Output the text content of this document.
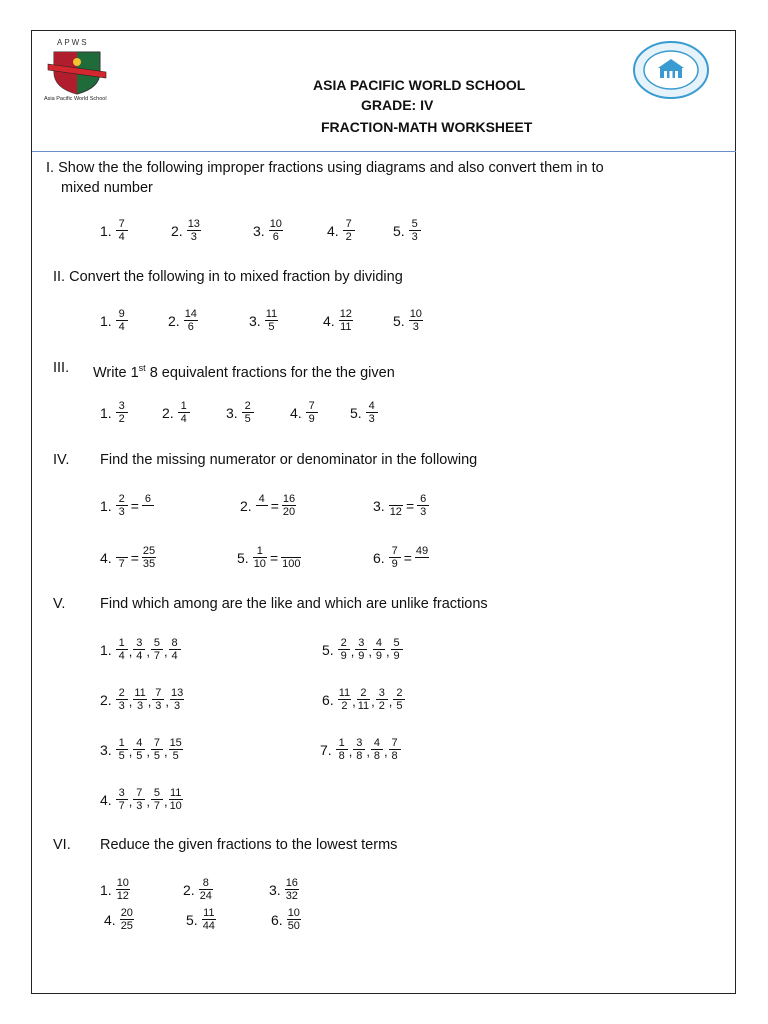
APWS
Asia Pacific World School
ASIA PACIFIC WORLD SCHOOL
GRADE: IV
FRACTION-MATH WORKSHEET
I. Show the the following improper fractions using diagrams and also convert them in to
mixed number
1. $\frac{7}{4}$	2. $\frac{13}{3}$	3. $\frac{10}{6}$	4. $\frac{7}{2}$	5. $\frac{5}{3}$
II. Convert the following in to mixed fraction by dividing
1. $\frac{9}{4}$	2. $\frac{14}{6}$	3. $\frac{11}{5}$	4. $\frac{12}{11}$	5. $\frac{10}{3}$
III. Write 1st 8 equivalent fractions for the the given
1. $\frac{3}{2} 2$. $\frac{1}{4}$	3. $\frac{2}{5}$	4. $\frac{7}{9} 5$. $\frac{4}{3}$
IV. Find the missing numerator or denominator in the following
1. $\frac{2}{3} = 6$	2. $4 = \frac{16}{20}$	3. $12 = \frac{6}{3}$
4. $7 = \frac{25}{35}$	5. $\frac{1}{10} = 100$	6. $\frac{7}{9} = 49$
V. Find which among are the like and which are unlike fractions
1. $\frac{1}{4}$ , $\frac{3}{4}$ , $\frac{5}{7}$ , $\frac{8}{4}$
2. $\frac{2}{3}$ , $\frac{11}{3}$ , $\frac{7}{3}$ , $\frac{13}{3}$
3. $\frac{1}{5}$ , $\frac{4}{5}$ , $\frac{7}{5}$ , $\frac{15}{5}$
4. $\frac{3}{7}$ , $\frac{7}{3}$ , $\frac{5}{7}$ , $\frac{11}{10}$
5. $\frac{2}{9}$ , $\frac{3}{9}$ , $\frac{4}{9}$ , $\frac{5}{9}$
6. $\frac{11}{2}$ , $\frac{2}{11}$ , $\frac{3}{2}$ , $\frac{2}{5}$
7. $\frac{1}{8}$ , $\frac{3}{8}$ , $\frac{4}{8}$ , $\frac{7}{8}$
VI. Reduce the given fractions to the lowest terms
1. $\frac{10}{12}$	2. $\frac{8}{24}$	3. $\frac{16}{32}$
4. $\frac{20}{25}$	5. $\frac{11}{44}$	6. $\frac{10}{50}$
